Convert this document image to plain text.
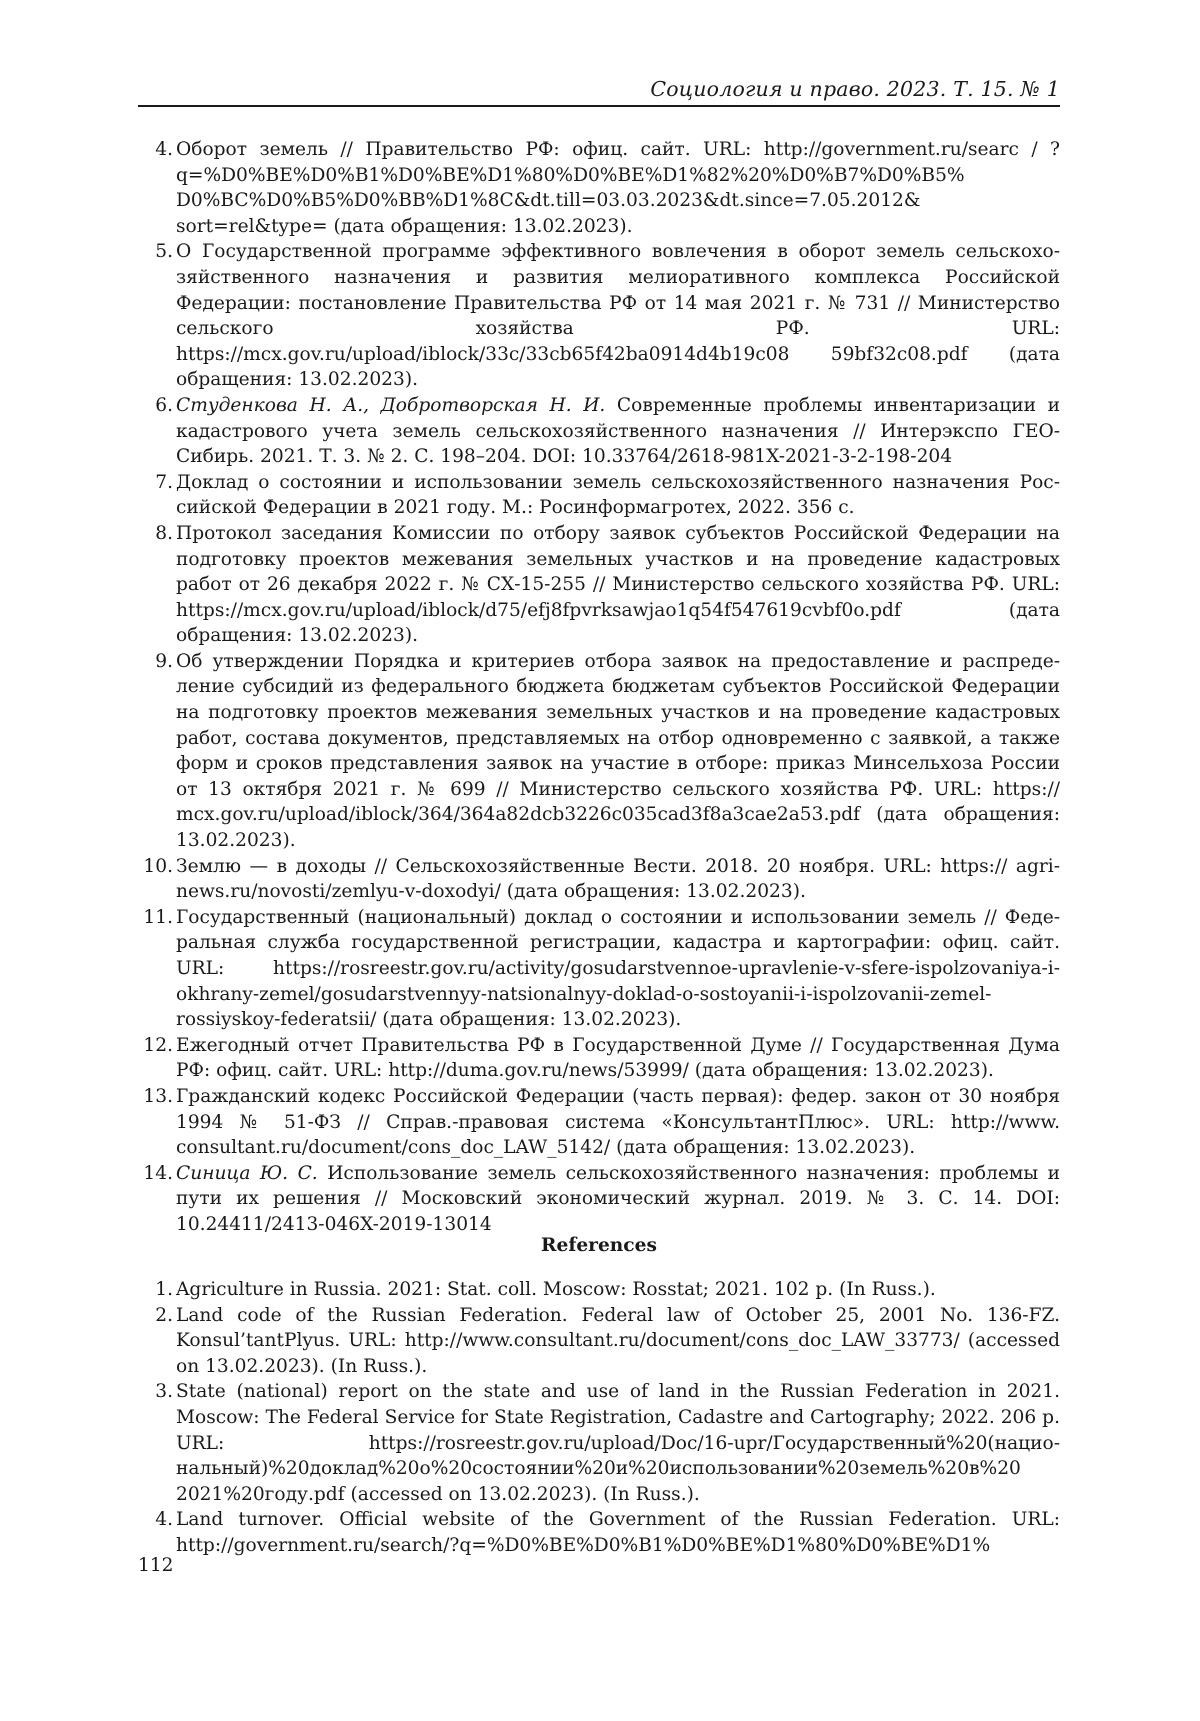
Социология и право. 2023. Т. 15. № 1
4. Оборот земель // Правительство РФ: офиц. сайт. URL: http://government.ru/searc / ?q=%D0%BE%D0%B1%D0%BE%D1%80%D0%BE%D1%82%20%D0%B7%D0%B5% D0%BC%D0%B5%D0%BB%D1%8C&dt.till=03.03.2023&dt.since=7.05.2012& sort=rel&type= (дата обращения: 13.02.2023).
5. О Государственной программе эффективного вовлечения в оборот земель сельскохозяйственного назначения и развития мелиоративного комплекса Российской Федерации: постановление Правительства РФ от 14 мая 2021 г. № 731 // Министерство сельского хозяйства РФ. URL: https://mcx.gov.ru/upload/iblock/33c/33cb65f42ba0914d4b19c08 59bf32c08.pdf (дата обращения: 13.02.2023).
6. Студенкова Н. А., Добротворская Н. И. Современные проблемы инвентаризации и кадастрового учета земель сельскохозяйственного назначения // Интерэкспо ГЕО-Сибирь. 2021. Т. 3. № 2. С. 198–204. DOI: 10.33764/2618-981X-2021-3-2-198-204
7. Доклад о состоянии и использовании земель сельскохозяйственного назначения Российской Федерации в 2021 году. М.: Росинформагротех, 2022. 356 с.
8. Протокол заседания Комиссии по отбору заявок субъектов Российской Федерации на подготовку проектов межевания земельных участков и на проведение кадастровых работ от 26 декабря 2022 г. № СХ-15-255 // Министерство сельского хозяйства РФ. URL: https://mcx.gov.ru/upload/iblock/d75/efj8fpvrksawjao1q54f547619cvbf0o.pdf (дата обращения: 13.02.2023).
9. Об утверждении Порядка и критериев отбора заявок на предоставление и распределение субсидий из федерального бюджета бюджетам субъектов Российской Федерации на подготовку проектов межевания земельных участков и на проведение кадастровых работ, состава документов, представляемых на отбор одновременно с заявкой, а также форм и сроков представления заявок на участие в отборе: приказ Минсельхоза России от 13 октября 2021 г. № 699 // Министерство сельского хозяйства РФ. URL: https:// mcx.gov.ru/upload/iblock/364/364a82dcb3226c035cad3f8a3cae2a53.pdf (дата обращения: 13.02.2023).
10. Землю — в доходы // Сельскохозяйственные Вести. 2018. 20 ноября. URL: https:// agri-news.ru/novosti/zemlyu-v-doxodyi/ (дата обращения: 13.02.2023).
11. Государственный (национальный) доклад о состоянии и использовании земель // Федеральная служба государственной регистрации, кадастра и картографии: офиц. сайт. URL: https://rosreestr.gov.ru/activity/gosudarstvennoe-upravlenie-v-sfere-ispolzovaniya-i-okhrany-zemel/gosudarstvennyy-natsionalnyy-doklad-o-sostoyanii-i-ispolzovanii-zemel-rossiyskoy-federatsii/ (дата обращения: 13.02.2023).
12. Ежегодный отчет Правительства РФ в Государственной Думе // Государственная Дума РФ: офиц. сайт. URL: http://duma.gov.ru/news/53999/ (дата обращения: 13.02.2023).
13. Гражданский кодекс Российской Федерации (часть первая): федер. закон от 30 ноября 1994 № 51-ФЗ // Справ.-правовая система «КонсультантПлюс». URL: http://www. consultant.ru/document/cons_doc_LAW_5142/ (дата обращения: 13.02.2023).
14. Синица Ю. С. Использование земель сельскохозяйственного назначения: проблемы и пути их решения // Московский экономический журнал. 2019. № 3. С. 14. DOI: 10.24411/2413-046X-2019-13014
References
1. Agriculture in Russia. 2021: Stat. coll. Moscow: Rosstat; 2021. 102 p. (In Russ.).
2. Land code of the Russian Federation. Federal law of October 25, 2001 No. 136-FZ. Konsul’tantPlyus. URL: http://www.consultant.ru/document/cons_doc_LAW_33773/ (accessed on 13.02.2023). (In Russ.).
3. State (national) report on the state and use of land in the Russian Federation in 2021. Moscow: The Federal Service for State Registration, Cadastre and Cartography; 2022. 206 p. URL: https://rosreestr.gov.ru/upload/Doc/16-upr/Государственный%20(национальный)%20доклад%20о%20состоянии%20и%20использовании%20земель%20в%20 2021%20году.pdf (accessed on 13.02.2023). (In Russ.).
4. Land turnover. Official website of the Government of the Russian Federation. URL: http://government.ru/search/?q=%D0%BE%D0%B1%D0%BE%D1%80%D0%BE%D1%
112
